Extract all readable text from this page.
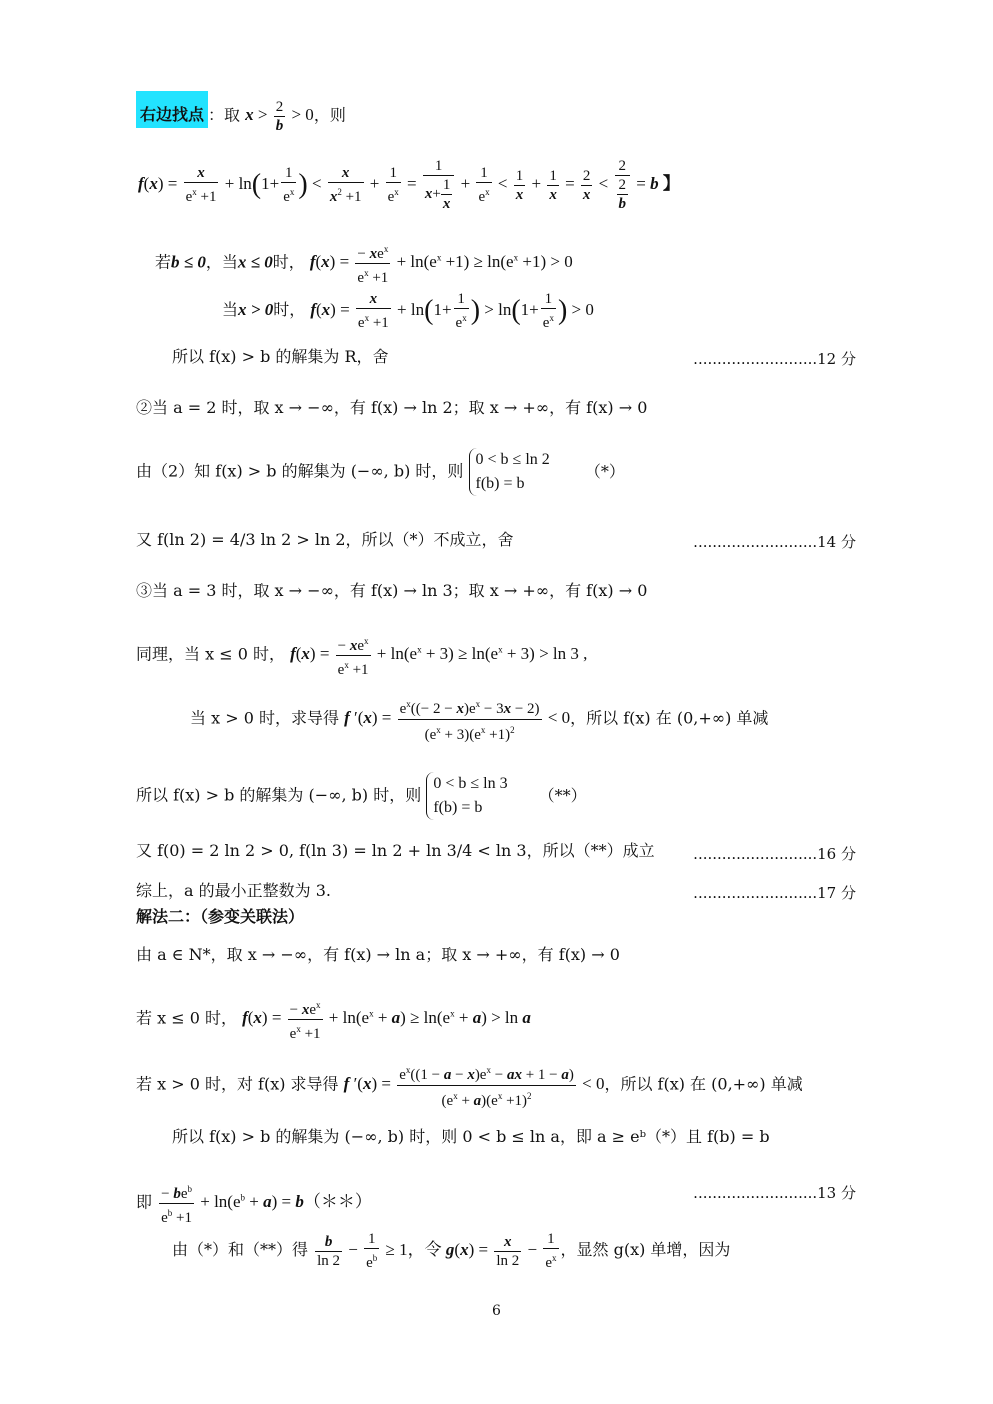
右边找点 ：取 $x > \frac{2}{b} > 0$，则
$f(x) = \frac{x}{e^x +1} + \ln(1+ \frac{1}{e^x}$ ) < $\frac{x}{x^2 +1} + \frac{1}{e^x} = \frac{1}{x+ \frac{1}{x}} + \frac{1}{e^x} < \frac{1}{x} + \frac{1}{x} = \frac{2}{x} < \frac{2}{\frac{2}{b}} = b$ 】
若b ≤ 0，当x ≤ 0时， $f(x) = \frac{- xe^x}{e^x +1} + \ln(e^x +1) \ge \ln(e^x +1) > 0$
当x > 0时， $f(x) = \frac{x}{e^x +1} + \ln(1+ \frac{1}{e^x}$ ) > $\ln(1+ \frac{1}{e^x}$ ) > 0
所以 f(x) > b 的解集为 R，舍	..........................12 分
②当 a = 2 时，取 x → −∞，有 f(x) → ln 2；取 x → +∞，有 f(x) → 0
由（2）知 f(x) > b 的解集为 (−∞, b) 时，则
0 < b ≤ ln 2
f(b) = b
（*）
又 f(ln 2) = 4/3 ln 2 > ln 2，所以（*）不成立，舍	..........................14 分
③当 a = 3 时，取 x → −∞，有 f(x) → ln 3；取 x → +∞，有 f(x) → 0
同理，当 x ≤ 0 时， $f(x) = \frac{- xe^x}{e^x +1} + \ln(e^x + 3) \ge \ln(e^x + 3) > \ln 3$ ,
当 x > 0 时，求导得 f $'(x) = \frac{e^x((- 2 - x)e^x - 3x - 2)}{(e^x + 3)(e^x +1)^2} < 0$，所以 f(x) 在 (0,+∞) 单减
所以 f(x) > b 的解集为 (−∞, b) 时，则
0 < b ≤ ln 3
f(b) = b
（**）
又 f(0) = 2 ln 2 > 0, f(ln 3) = ln 2 + ln 3/4 < ln 3，所以（**）成立	..........................16 分
综上，a 的最小正整数为 3.	..........................17 分
解法二：（参变关联法）
由 a ∈ N*，取 x → −∞，有 f(x) → ln a；取 x → +∞，有 f(x) → 0
若 x ≤ 0 时， $f(x) = \frac{- xe^x}{e^x +1} + \ln(e^x + a) \ge \ln(e^x + a) > \ln a$
若 x > 0 时，对 f(x) 求导得 f $'(x) = \frac{e^x((1 - a - x)e^x - ax + 1 - a)}{(e^x + a)(e^x +1)^2} < 0$，所以 f(x) 在 (0,+∞) 单减
所以 f(x) > b 的解集为 (−∞, b) 时，则 0 < b ≤ ln a，即 a ≥ eᵇ（*）且 f(b) = b
即 $\frac{- be^b}{e^b +1} + \ln(e^b + a)$ = b（＊＊）	..........................13 分
由（*）和（**）得 $\frac{b}{\ln 2} - \frac{1}{e^b} \ge 1$，令 $g(x) = \frac{x}{\ln 2} - \frac{1}{e^x}$ ，显然 g(x) 单增，因为
6
